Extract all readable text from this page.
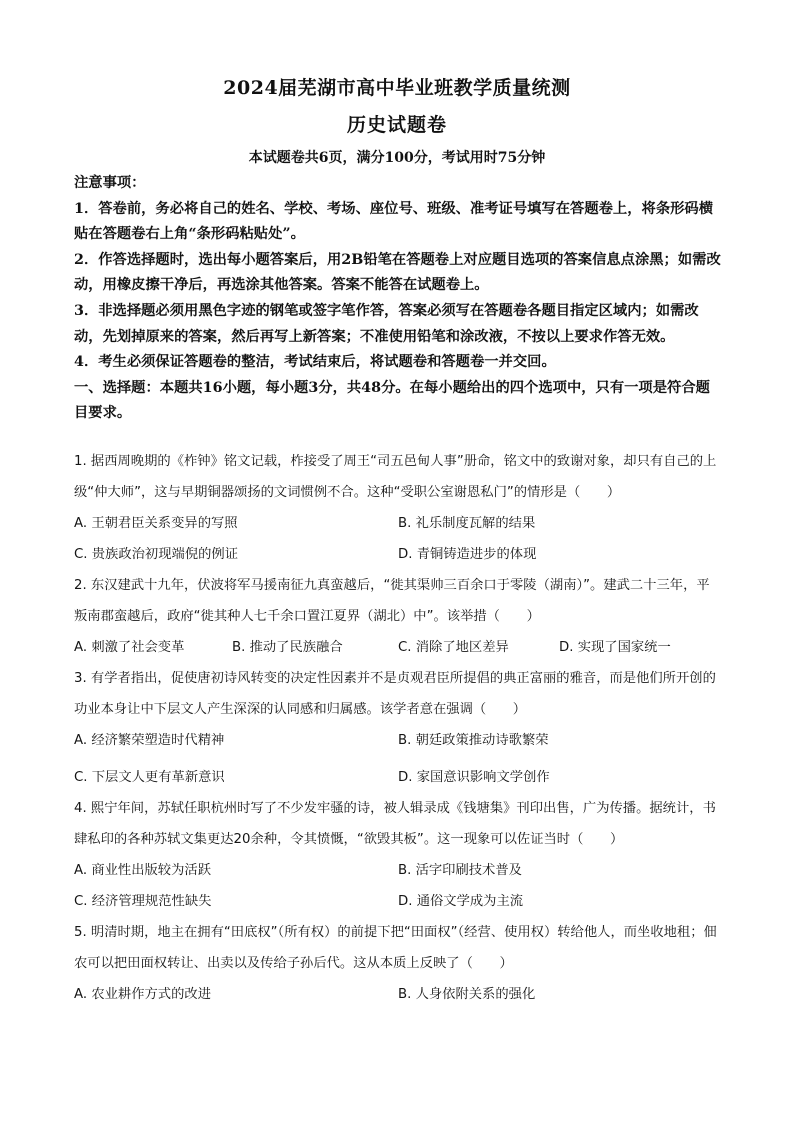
2024届芜湖市高中毕业班教学质量统测
历史试题卷
本试题卷共6页，满分100分，考试用时75分钟

注意事项：

1．答卷前，务必将自己的姓名、学校、考场、座位号、班级、准考证号填写在答题卷上，将条形码横贴在答题卷右上角“条形码粘贴处”。

2．作答选择题时，选出每小题答案后，用2B铅笔在答题卷上对应题目选项的答案信息点涂黑；如需改动，用橡皮擦干净后，再选涂其他答案。答案不能答在试题卷上。

3．非选择题必须用黑色字迹的钢笔或签字笔作答，答案必须写在答题卷各题目指定区域内；如需改动，先划掉原来的答案，然后再写上新答案；不准使用铅笔和涂改液，不按以上要求作答无效。

4．考生必须保证答题卷的整洁，考试结束后，将试题卷和答题卷一并交回。

一、选择题：本题共16小题，每小题3分，共48分。在每小题给出的四个选项中，只有一项是符合题目要求。

1. 据西周晚期的《柞钟》铭文记载，柞接受了周王“司五邑甸人事”册命，铭文中的致谢对象，却只有自己的上级“仲大师”，这与早期铜器颂扬的文词惯例不合。这种“受职公室谢恩私门”的情形是（　　）

A. 王朝君臣关系变异的写照	B. 礼乐制度瓦解的结果
C. 贵族政治初现端倪的例证	D. 青铜铸造进步的体现

2. 东汉建武十九年，伏波将军马援南征九真蛮越后，“徙其渠帅三百余口于零陵（湖南）”。建武二十三年，平叛南郡蛮越后，政府“徙其种人七千余口置江夏界（湖北）中”。该举措（　　）

A. 刺激了社会变革	B. 推动了民族融合	C. 消除了地区差异	D. 实现了国家统一

3. 有学者指出，促使唐初诗风转变的决定性因素并不是贞观君臣所提倡的典正富丽的雅音，而是他们所开创的功业本身让中下层文人产生深深的认同感和归属感。该学者意在强调（　　）

A. 经济繁荣塑造时代精神	B. 朝廷政策推动诗歌繁荣
C. 下层文人更有革新意识	D. 家国意识影响文学创作

4. 熙宁年间，苏轼任职杭州时写了不少发牢骚的诗，被人辑录成《钱塘集》刊印出售，广为传播。据统计，书肆私印的各种苏轼文集更达20余种，令其愤慨，“欲毁其板”。这一现象可以佐证当时（　　）

A. 商业性出版较为活跃	B. 活字印刷技术普及
C. 经济管理规范性缺失	D. 通俗文学成为主流

5. 明清时期，地主在拥有“田底权”（所有权）的前提下把“田面权”（经营、使用权）转给他人，而坐收地租；佃农可以把田面权转让、出卖以及传给子孙后代。这从本质上反映了（　　）

A. 农业耕作方式的改进	B. 人身依附关系的强化
